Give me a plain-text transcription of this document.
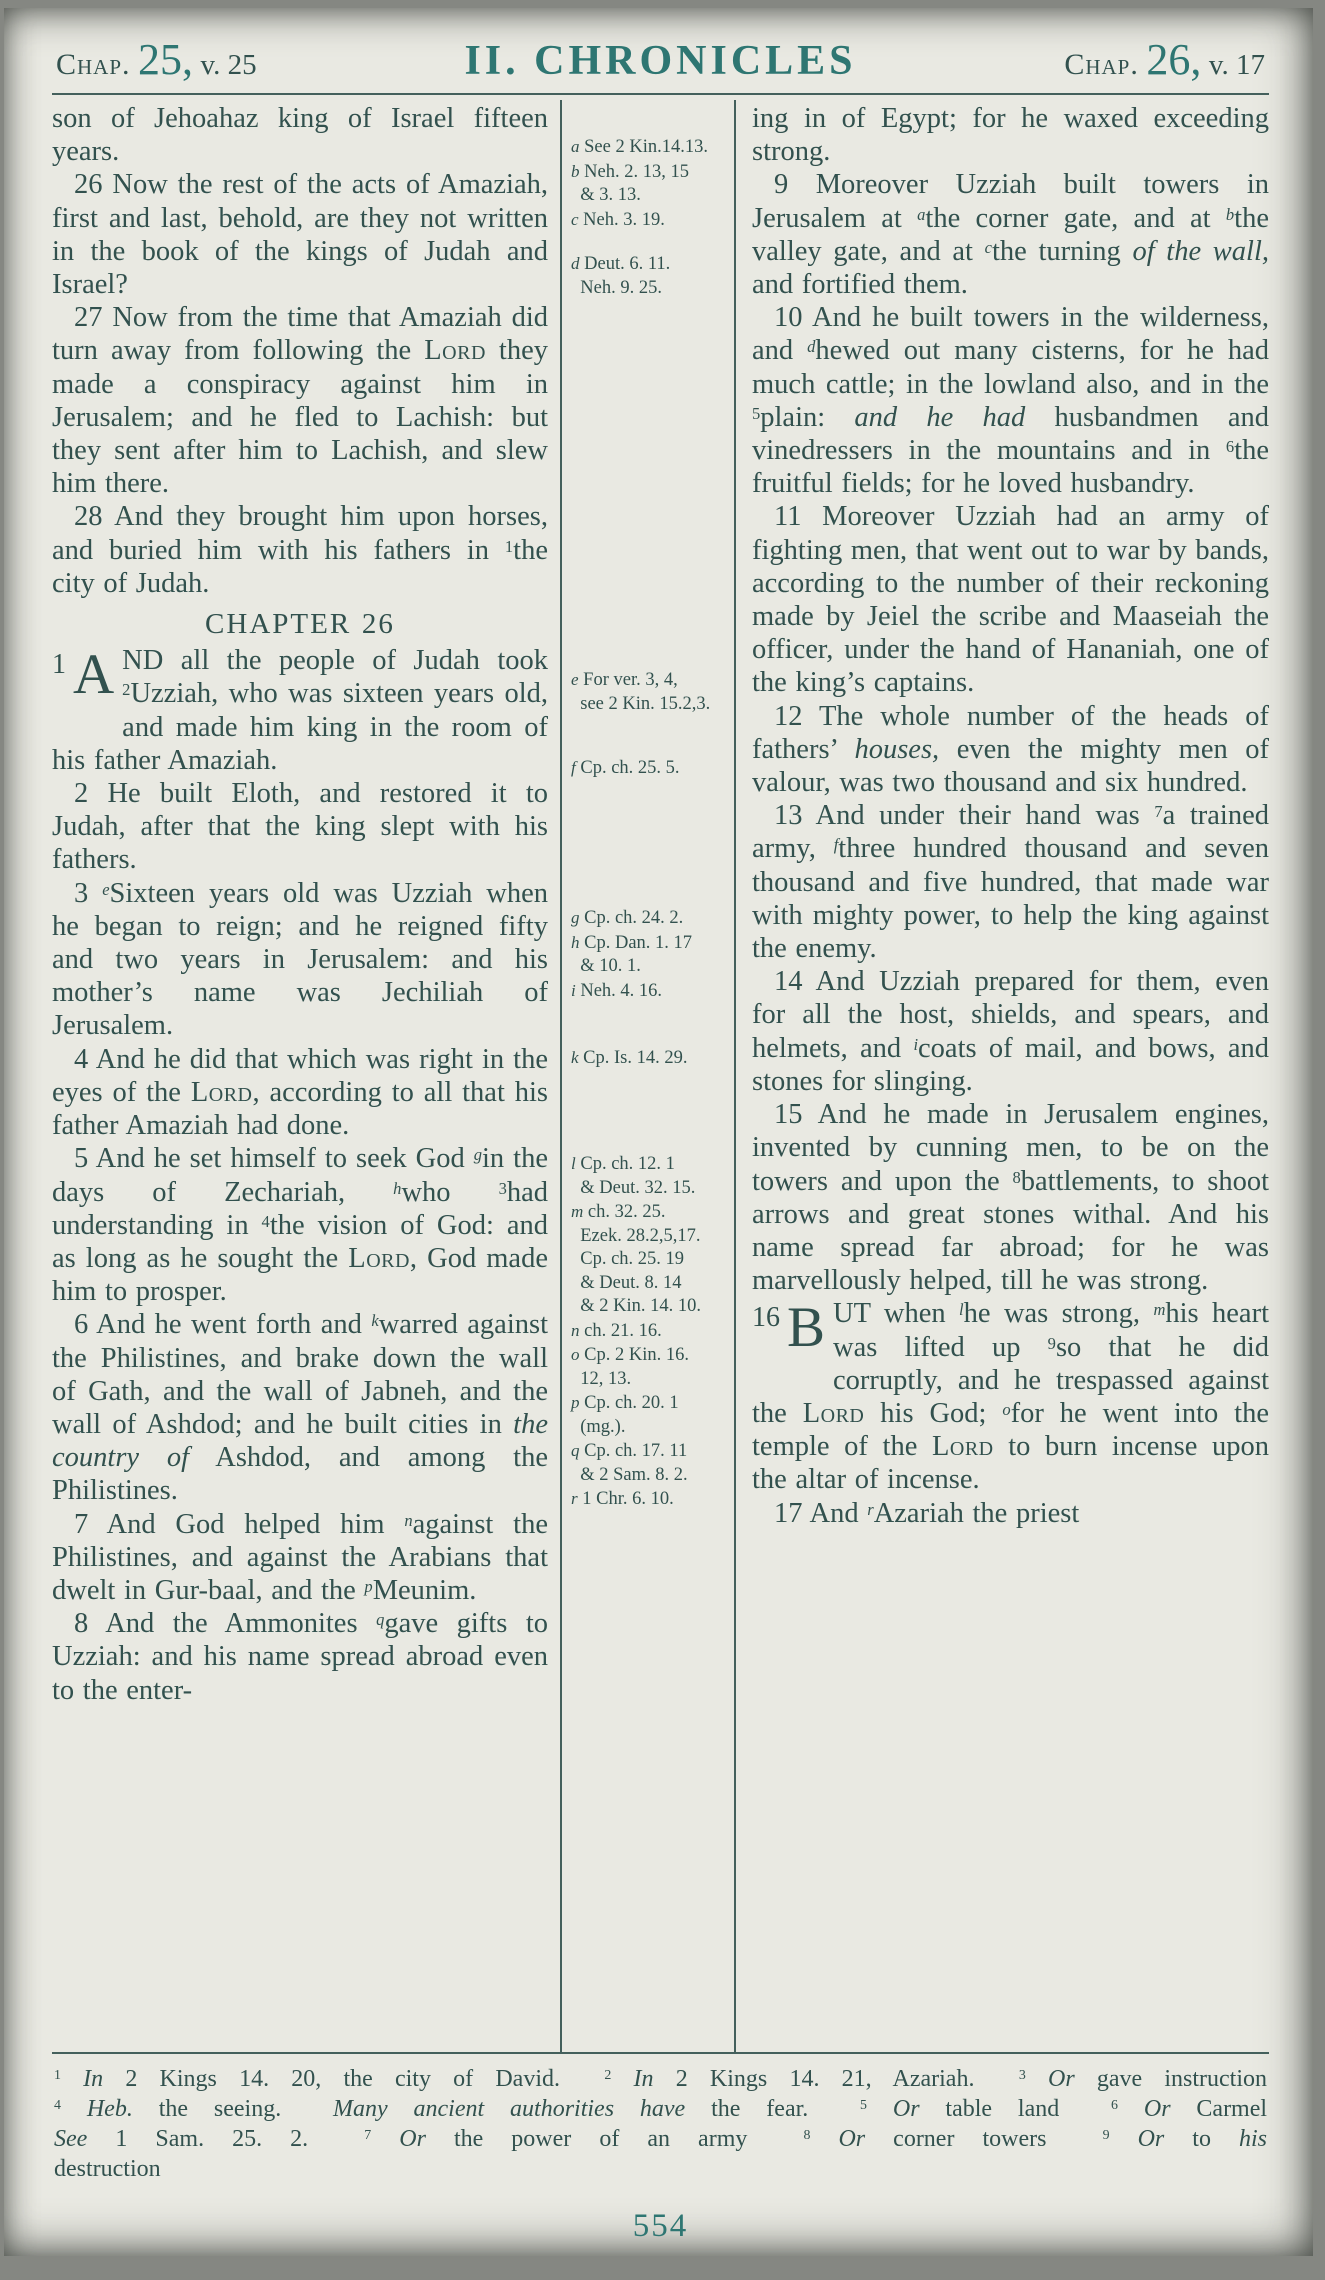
Chap. 25, v. 25	II. CHRONICLES	Chap. 26, v. 17

son of Jehoahaz king of Israel fifteen years.

26 Now the rest of the acts of Amaziah, first and last, behold, are they not written in the book of the kings of Judah and Israel?

27 Now from the time that Amaziah did turn away from following the Lord they made a conspiracy against him in Jerusalem; and he fled to Lachish: but they sent after him to Lachish, and slew him there.

28 And they brought him upon horses, and buried him with his fathers in $^1$the city of Judah.

CHAPTER 26

$^1$ A ND all the people of Judah took $^2$Uzziah, who was sixteen years old, and made him king in the room of his father Amaziah.

2 He built Eloth, and restored it to Judah, after that the king slept with his fathers.

3 $^e$Sixteen years old was Uzziah when he began to reign; and he reigned fifty and two years in Jerusalem: and his mother’s name was Jechiliah of Jerusalem.

4 And he did that which was right in the eyes of the Lord, according to all that his father Amaziah had done.

5 And he set himself to seek God $^g$in the days of Zechariah, $^h$who $^3$had understanding in $^4$the vision of God: and as long as he sought the Lord, God made him to prosper.

6 And he went forth and $^k$warred against the Philistines, and brake down the wall of Gath, and the wall of Jabneh, and the wall of Ashdod; and he built cities in the country of Ashdod, and among the Philistines.

7 And God helped him $^n$against the Philistines, and against the Arabians that dwelt in Gur-baal, and the $^p$Meunim.

8 And the Ammonites $^q$gave gifts to Uzziah: and his name spread abroad even to the enter-

a See 2 Kin.14.13.
b Neh. 2. 13, 15
& 3. 13.
c Neh. 3. 19.
d Deut. 6. 11.
Neh. 9. 25.
e For ver. 3, 4,
see 2 Kin. 15.2,3.
f Cp. ch. 25. 5.
g Cp. ch. 24. 2.
h Cp. Dan. 1. 17
& 10. 1.
i Neh. 4. 16.
k Cp. Is. 14. 29.
l Cp. ch. 12. 1
& Deut. 32. 15.
m ch. 32. 25.
Ezek. 28.2,5,17.
Cp. ch. 25. 19
& Deut. 8. 14
& 2 Kin. 14. 10.
n ch. 21. 16.
o Cp. 2 Kin. 16.
12, 13.
p Cp. ch. 20. 1
(mg.).
q Cp. ch. 17. 11
& 2 Sam. 8. 2.
r 1 Chr. 6. 10.

ing in of Egypt; for he waxed exceeding strong.

9 Moreover Uzziah built towers in Jerusalem at $^a$the corner gate, and at $^b$the valley gate, and at $^c$the turning of the wall, and fortified them.

10 And he built towers in the wilderness, and $^d$hewed out many cisterns, for he had much cattle; in the lowland also, and in the $^5$plain: and he had husbandmen and vinedressers in the mountains and in $^6$the fruitful fields; for he loved husbandry.

11 Moreover Uzziah had an army of fighting men, that went out to war by bands, according to the number of their reckoning made by Jeiel the scribe and Maaseiah the officer, under the hand of Hananiah, one of the king’s captains.

12 The whole number of the heads of fathers’ houses, even the mighty men of valour, was two thousand and six hundred.

13 And under their hand was $^7$a trained army, $^f$three hundred thousand and seven thousand and five hundred, that made war with mighty power, to help the king against the enemy.

14 And Uzziah prepared for them, even for all the host, shields, and spears, and helmets, and $^i$coats of mail, and bows, and stones for slinging.

15 And he made in Jerusalem engines, invented by cunning men, to be on the towers and upon the $^8$battlements, to shoot arrows and great stones withal. And his name spread far abroad; for he was marvellously helped, till he was strong.

$^{16}$ B UT when $^l$he was strong, $^m$his heart was lifted up $^9$so that he did corruptly, and he trespassed against the Lord his God; $^o$for he went into the temple of the Lord to burn incense upon the altar of incense.

17 And $^r$Azariah the priest

$^1$ In 2 Kings 14. 20, the city of David.  $^2$ In 2 Kings 14. 21, Azariah.  $^3$ Or gave instruction
$^4$ Heb. the seeing.  Many ancient authorities have the fear.  $^5$ Or table land  $^6$ Or Carmel
See 1 Sam. 25. 2.  $^7$ Or the power of an army  $^8$ Or corner towers  $^9$ Or to his
destruction
554
